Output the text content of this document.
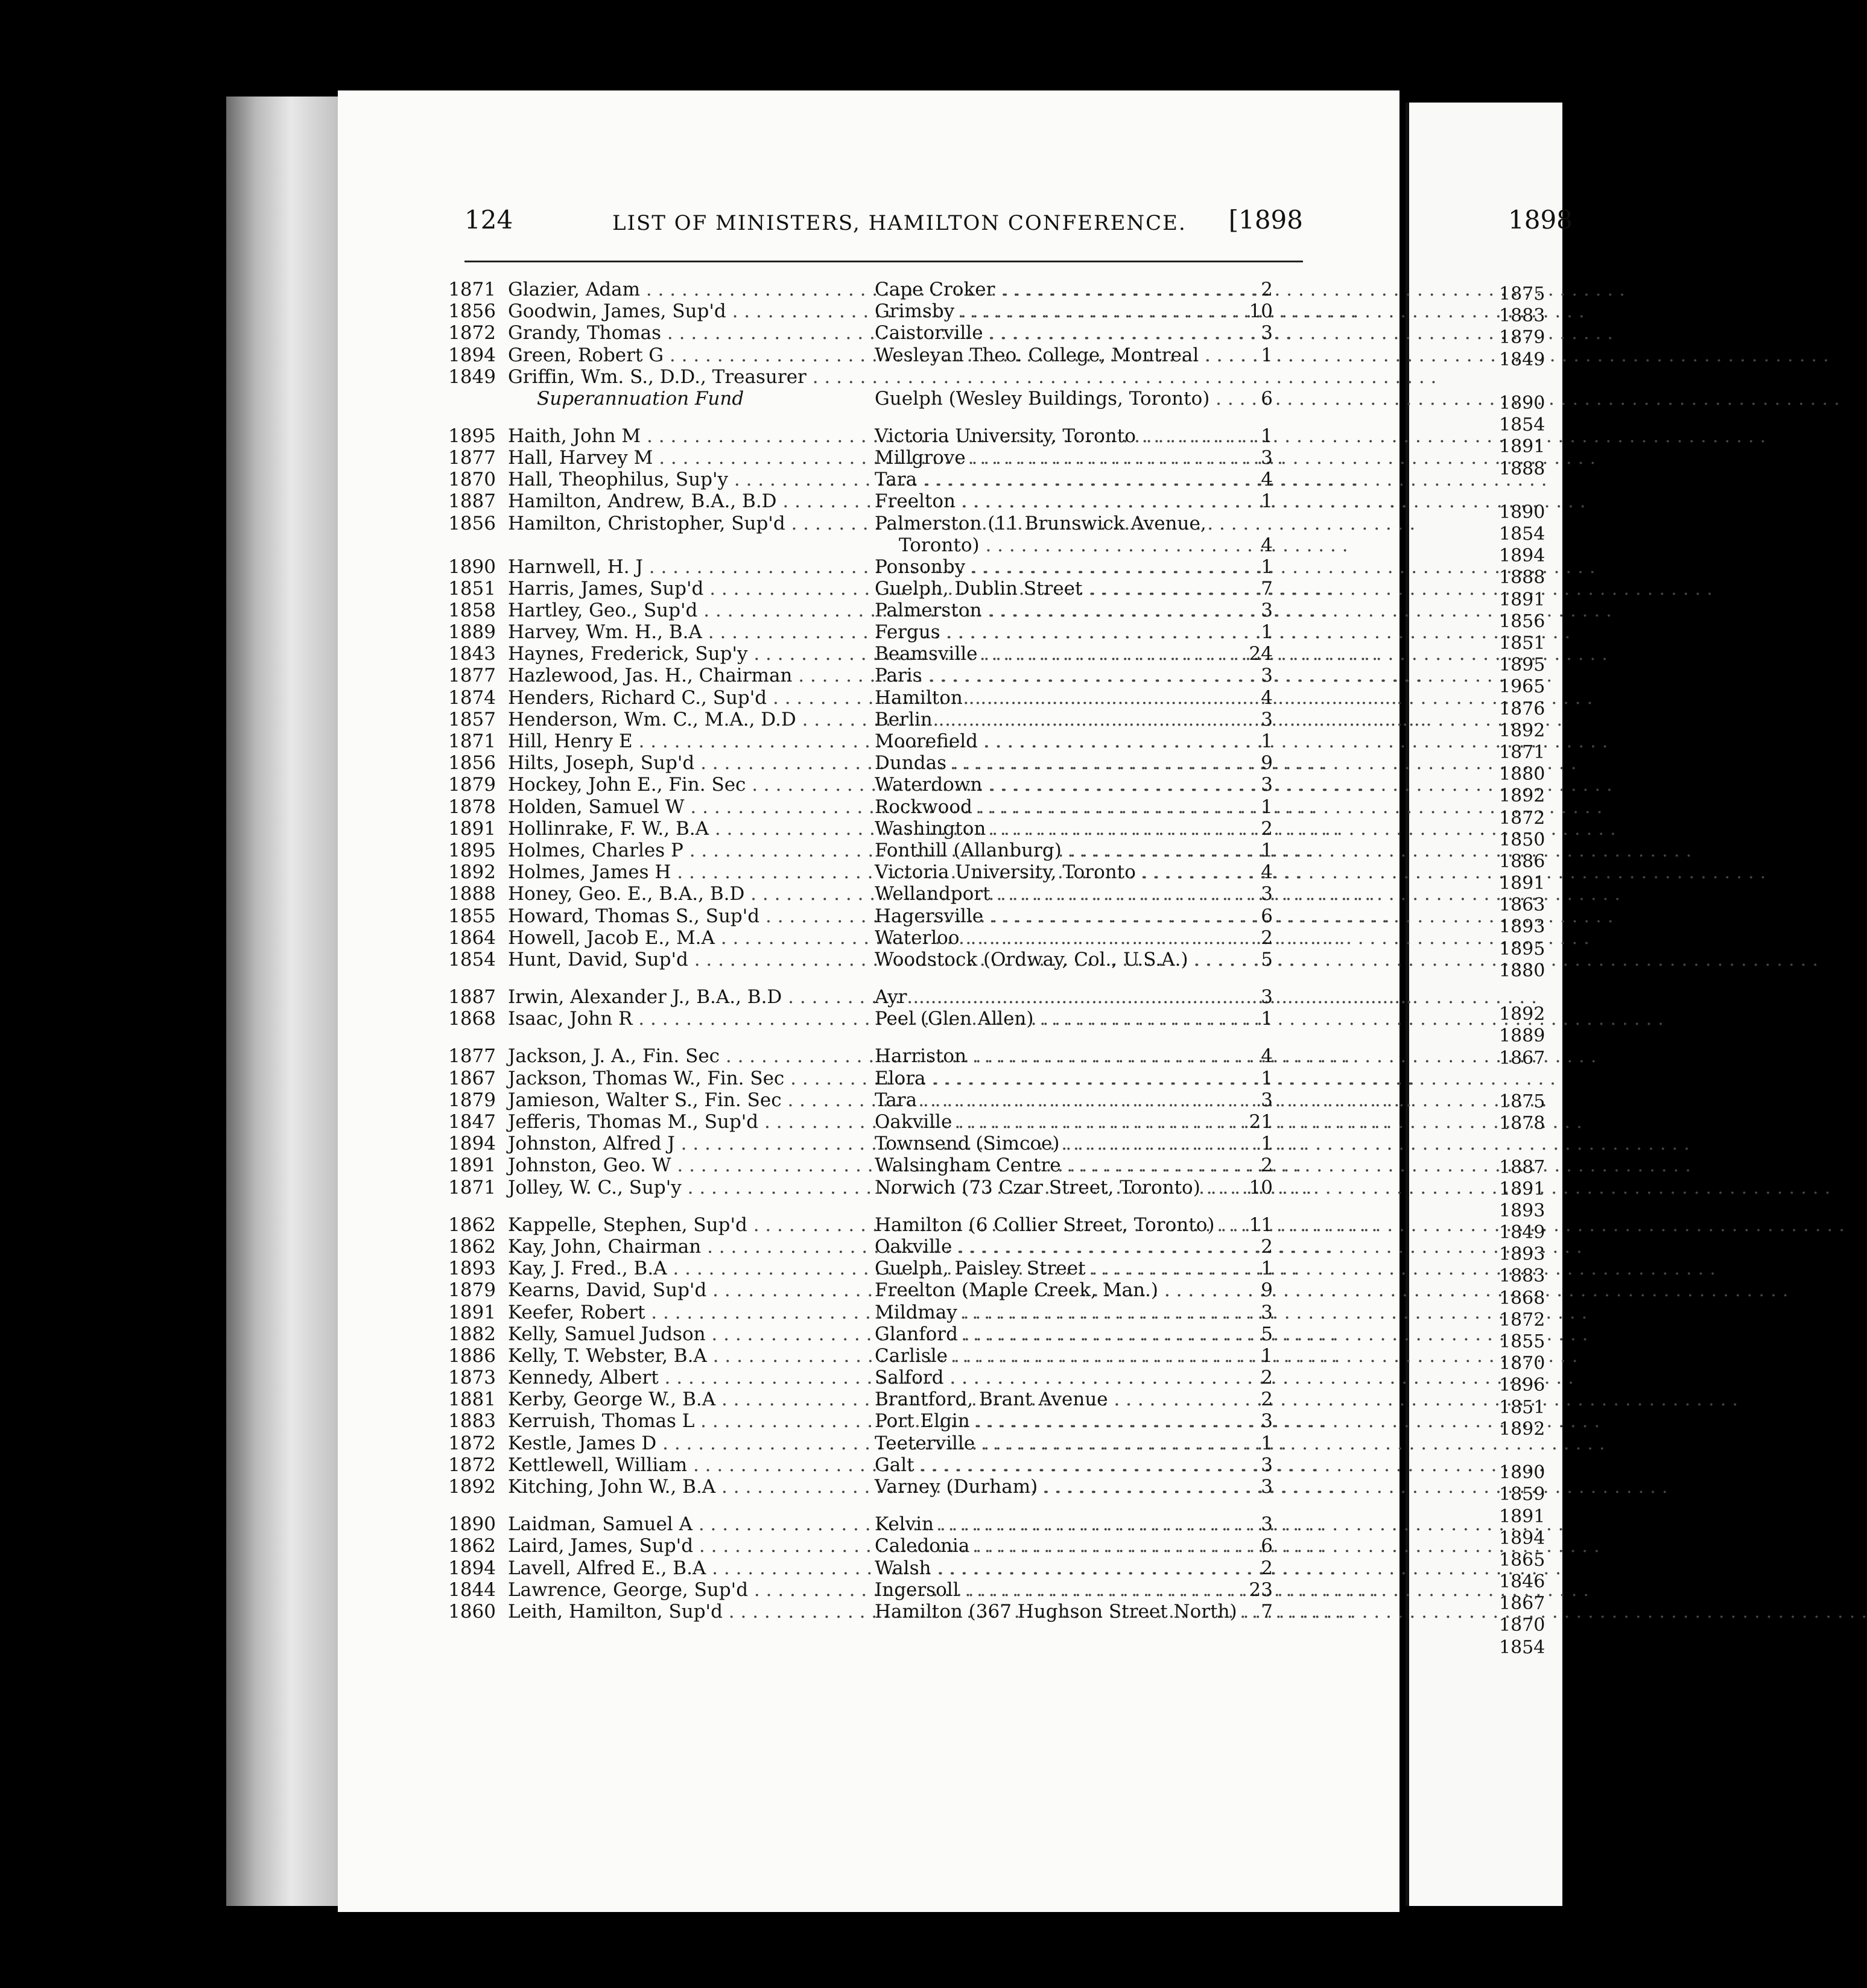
124	LIST OF MINISTERS, HAMILTON CONFERENCE. [1898
1871 Glazier, Adam . . .	Cape Croker . . .	2
1856 Goodwin, James, Sup'd . . .	Grimsby . . .	10
1872 Grandy, Thomas . . .	Caistorville . . .	3
1894 Green, Robert G . . .	Wesleyan Theo. College, Montreal . . .	1
1849 Griffin, Wm. S., D.D., Treasurer . . .
Superannuation Fund	Guelph (Wesley Buildings, Toronto) . . .	6
1895 Haith, John M . . .	Victoria University, Toronto . . .	1
1877 Hall, Harvey M . . .	Millgrove . . .	3
1870 Hall, Theophilus, Sup'y . . .	Tara . . .	4
1887 Hamilton, Andrew, B.A., B.D . . .	Freelton . . .	1
1856 Hamilton, Christopher, Sup'd . . .	Palmerston (11 Brunswick Avenue,
Toronto) . . .	4
1890 Harnwell, H. J . . .	Ponsonby . . .	1
1851 Harris, James, Sup'd . . .	Guelph, Dublin Street . . .	7
1858 Hartley, Geo., Sup'd . . .	Palmerston . . .	3
1889 Harvey, Wm. H., B.A . . .	Fergus . . .	1
1843 Haynes, Frederick, Sup'y . . .	Beamsville . . .	24
1877 Hazlewood, Jas. H., Chairman . . .	Paris . . .	3
1874 Henders, Richard C., Sup'd . . .	Hamilton . . .	4
1857 Henderson, Wm. C., M.A., D.D . . .	Berlin . . .	3
1871 Hill, Henry E . . .	Moorefield . . .	1
1856 Hilts, Joseph, Sup'd . . .	Dundas . . .	9
1879 Hockey, John E., Fin. Sec . . .	Waterdown . . .	3
1878 Holden, Samuel W . . .	Rockwood . . .	1
1891 Hollinrake, F. W., B.A . . .	Washington . . .	2
1895 Holmes, Charles P . . .	Fonthill (Allanburg) . . .	1
1892 Holmes, James H . . .	Victoria University, Toronto . . .	4
1888 Honey, Geo. E., B.A., B.D . . .	Wellandport . . .	3
1855 Howard, Thomas S., Sup'd . . .	Hagersville . . .	6
1864 Howell, Jacob E., M.A . . .	Waterloo . . .	2
1854 Hunt, David, Sup'd . . .	Woodstock (Ordway, Col., U.S.A.) . . .	5
1887 Irwin, Alexander J., B.A., B.D . . .	Ayr . . .	3
1868 Isaac, John R . . .	Peel (Glen Allen) . . .	1
1877 Jackson, J. A., Fin. Sec . . .	Harriston . . .	4
1867 Jackson, Thomas W., Fin. Sec . . .	Elora . . .	1
1879 Jamieson, Walter S., Fin. Sec . . .	Tara . . .	3
1847 Jefferis, Thomas M., Sup'd . . .	Oakville . . .	21
1894 Johnston, Alfred J . . .	Townsend (Simcoe) . . .	1
1891 Johnston, Geo. W . . .	Walsingham Centre . . .	2
1871 Jolley, W. C., Sup'y . . .	Norwich (73 Czar Street, Toronto) . . .	10
1862 Kappelle, Stephen, Sup'd . . .	Hamilton (6 Collier Street, Toronto) . . .	11
1862 Kay, John, Chairman . . .	Oakville . . .	2
1893 Kay, J. Fred., B.A . . .	Guelph, Paisley Street . . .	1
1879 Kearns, David, Sup'd . . .	Freelton (Maple Creek, Man.) . . .	9
1891 Keefer, Robert . . .	Mildmay . . .	3
1882 Kelly, Samuel Judson . . .	Glanford . . .	5
1886 Kelly, T. Webster, B.A . . .	Carlisle . . .	1
1873 Kennedy, Albert . . .	Salford . . .	2
1881 Kerby, George W., B.A . . .	Brantford, Brant Avenue . . .	2
1883 Kerruish, Thomas L . . .	Port Elgin . . .	3
1872 Kestle, James D . . .	Teeterville . . .	1
1872 Kettlewell, William . . .	Galt . . .	3
1892 Kitching, John W., B.A . . .	Varney (Durham) . . .	3
1890 Laidman, Samuel A . . .	Kelvin . . .	3
1862 Laird, James, Sup'd . . .	Caledonia . . .	6
1894 Lavell, Alfred E., B.A . . .	Walsh . . .	2
1844 Lawrence, George, Sup'd . . .	Ingersoll . . .	23
1860 Leith, Hamilton, Sup'd . . .	Hamilton (367 Hughson Street North) . . .	7
1898
1875
1883
1879
1849
1890
1854
1891
1888
1890
1854
1894
1888
1891
1856
1851
1895
1965
1876
1892
1871
1880
1892
1872
1850
1886
1891
1863
1893
1895
1880
1892
1889
1867
1875
1878
1887
1891
1893
1849
1893
1883
1868
1872
1855
1870
1896
1851
1892
1890
1859
1891
1894
1865
1846
1867
1870
1854
